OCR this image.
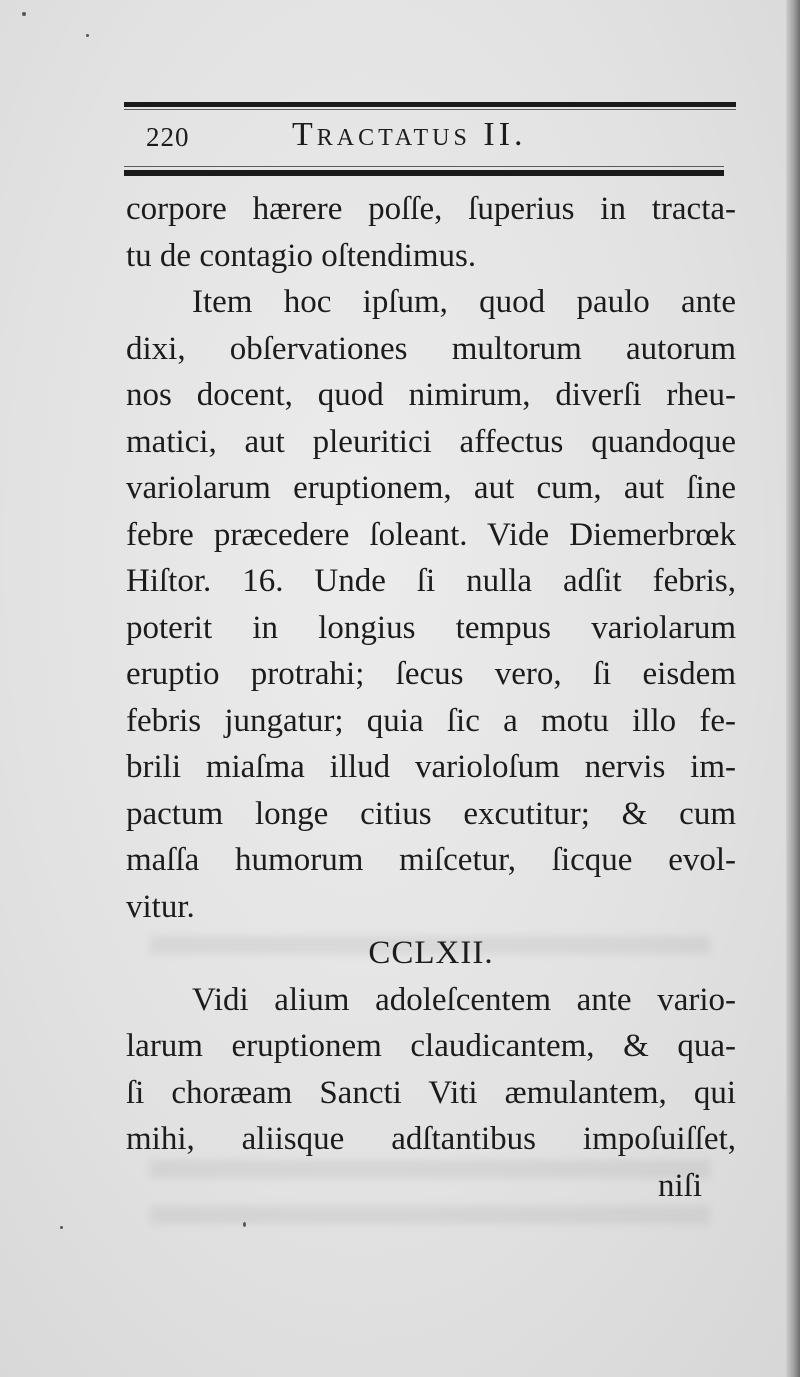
220	Tractatus II.
corpore hærere poſſe, ſuperius in tracta-
tu de contagio oſtendimus.
Item hoc ipſum, quod paulo ante
dixi, obſervationes multorum autorum
nos docent, quod nimirum, diverſi rheu-
matici, aut pleuritici affectus quandoque
variolarum eruptionem, aut cum, aut ſine
febre præcedere ſoleant. Vide Diemerbrœk
Hiſtor. 16. Unde ſi nulla adſit febris,
poterit in longius tempus variolarum
eruptio protrahi; ſecus vero, ſi eisdem
febris jungatur; quia ſic a motu illo fe-
brili miaſma illud varioloſum nervis im-
pactum longe citius excutitur; & cum
maſſa humorum miſcetur, ſicque evol-
vitur.
CCLXII.
Vidi alium adoleſcentem ante vario-
larum eruptionem claudicantem, & qua-
ſi choræam Sancti Viti æmulantem, qui
mihi, aliisque adſtantibus impoſuiſſet,
niſi
